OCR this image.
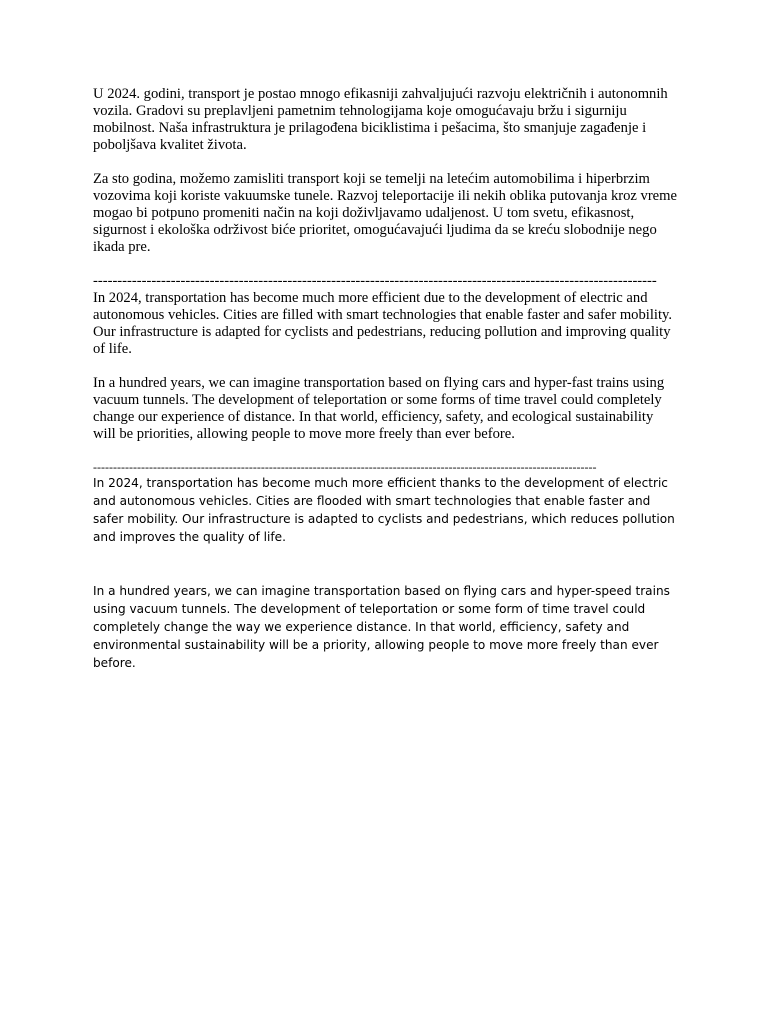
U 2024. godini, transport je postao mnogo efikasniji zahvaljujući razvoju električnih i autonomnih vozila. Gradovi su preplavljeni pametnim tehnologijama koje omogućavaju bržu i sigurniju mobilnost. Naša infrastruktura je prilagođena biciklistima i pešacima, što smanjuje zagađenje i poboljšava kvalitet života.

Za sto godina, možemo zamisliti transport koji se temelji na letećim automobilima i hiperbrzim vozovima koji koriste vakuumske tunele. Razvoj teleportacije ili nekih oblika putovanja kroz vreme mogao bi potpuno promeniti način na koji doživljavamo udaljenost. U tom svetu, efikasnost, sigurnost i ekološka održivost biće prioritet, omogućavajući ljudima da se kreću slobodnije nego ikada pre.

--------------------------------------------------------------------------------------------------------------------

In 2024, transportation has become much more efficient due to the development of electric and autonomous vehicles. Cities are filled with smart technologies that enable faster and safer mobility. Our infrastructure is adapted for cyclists and pedestrians, reducing pollution and improving quality of life.

In a hundred years, we can imagine transportation based on flying cars and hyper-fast trains using vacuum tunnels. The development of teleportation or some forms of time travel could completely change our experience of distance. In that world, efficiency, safety, and ecological sustainability will be priorities, allowing people to move more freely than ever before.

------------------------------------------------------------------------------------------------------------------------------

In 2024, transportation has become much more efficient thanks to the development of electric and autonomous vehicles. Cities are flooded with smart technologies that enable faster and safer mobility. Our infrastructure is adapted to cyclists and pedestrians, which reduces pollution and improves the quality of life.

In a hundred years, we can imagine transportation based on flying cars and hyper-speed trains using vacuum tunnels. The development of teleportation or some form of time travel could completely change the way we experience distance. In that world, efficiency, safety and environmental sustainability will be a priority, allowing people to move more freely than ever before.
